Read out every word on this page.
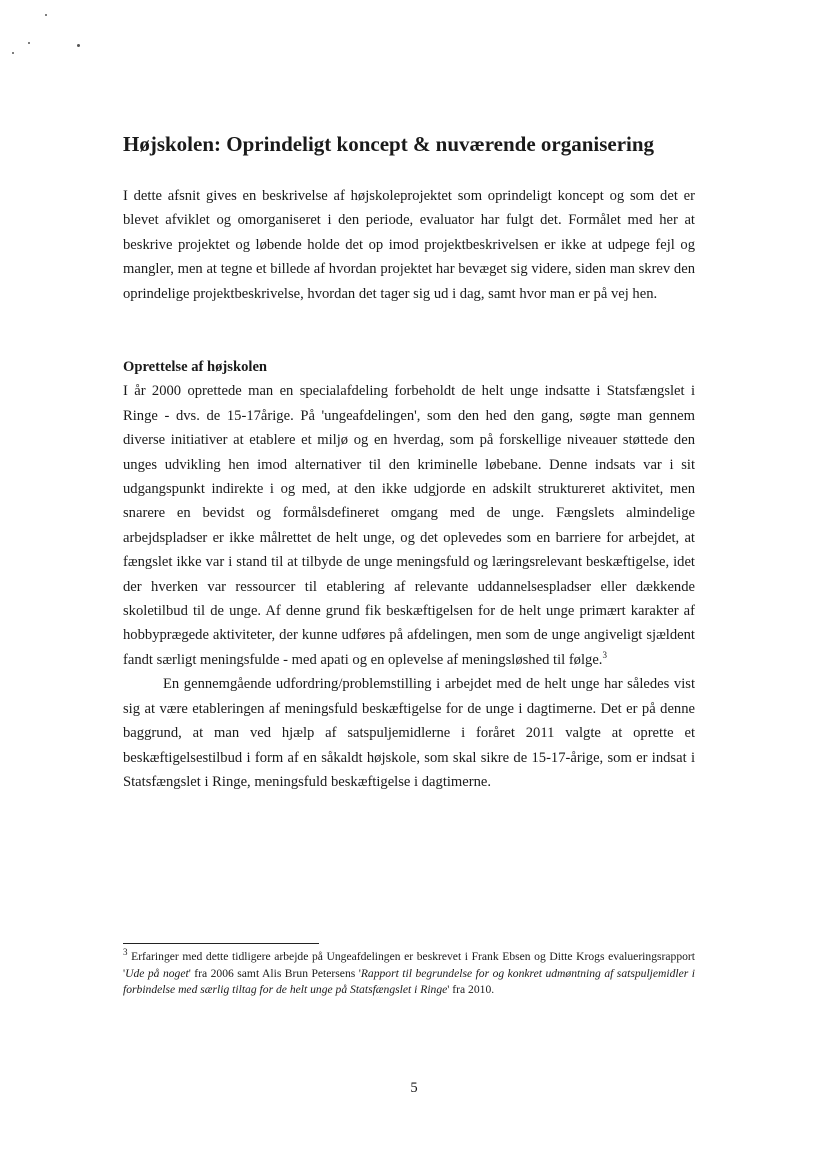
Højskolen: Oprindeligt koncept & nuværende organisering

I dette afsnit gives en beskrivelse af højskoleprojektet som oprindeligt koncept og som det er blevet afviklet og omorganiseret i den periode, evaluator har fulgt det. Formålet med her at beskrive projektet og løbende holde det op imod projektbeskrivelsen er ikke at udpege fejl og mangler, men at tegne et billede af hvordan projektet har bevæget sig videre, siden man skrev den oprindelige projektbeskrivelse, hvordan det tager sig ud i dag, samt hvor man er på vej hen.

Oprettelse af højskolen

I år 2000 oprettede man en specialafdeling forbeholdt de helt unge indsatte i Statsfængslet i Ringe - dvs. de 15-17årige. På 'ungeafdelingen', som den hed den gang, søgte man gennem diverse initiativer at etablere et miljø og en hverdag, som på forskellige niveauer støttede den unges udvikling hen imod alternativer til den kriminelle løbebane. Denne indsats var i sit udgangspunkt indirekte i og med, at den ikke udgjorde en adskilt struktureret aktivitet, men snarere en bevidst og formålsdefineret omgang med de unge. Fængslets almindelige arbejdspladser er ikke målrettet de helt unge, og det oplevedes som en barriere for arbejdet, at fængslet ikke var i stand til at tilbyde de unge meningsfuld og læringsrelevant beskæftigelse, idet der hverken var ressourcer til etablering af relevante uddannelsespladser eller dækkende skoletilbud til de unge. Af denne grund fik beskæftigelsen for de helt unge primært karakter af hobbyprægede aktiviteter, der kunne udføres på afdelingen, men som de unge angiveligt sjældent fandt særligt meningsfulde - med apati og en oplevelse af meningsløshed til følge.$^3$

En gennemgående udfordring/problemstilling i arbejdet med de helt unge har således vist sig at være etableringen af meningsfuld beskæftigelse for de unge i dagtimerne. Det er på denne baggrund, at man ved hjælp af satspuljemidlerne i foråret 2011 valgte at oprette et beskæftigelsestilbud i form af en såkaldt højskole, som skal sikre de 15-17-årige, som er indsat i Statsfængslet i Ringe, meningsfuld beskæftigelse i dagtimerne.

$^3$ Erfaringer med dette tidligere arbejde på Ungeafdelingen er beskrevet i Frank Ebsen og Ditte Krogs evalueringsrapport 'Ude på noget' fra 2006 samt Alis Brun Petersens 'Rapport til begrundelse for og konkret udmøntning af satspuljemidler i forbindelse med særlig tiltag for de helt unge på Statsfængslet i Ringe' fra 2010.

5
